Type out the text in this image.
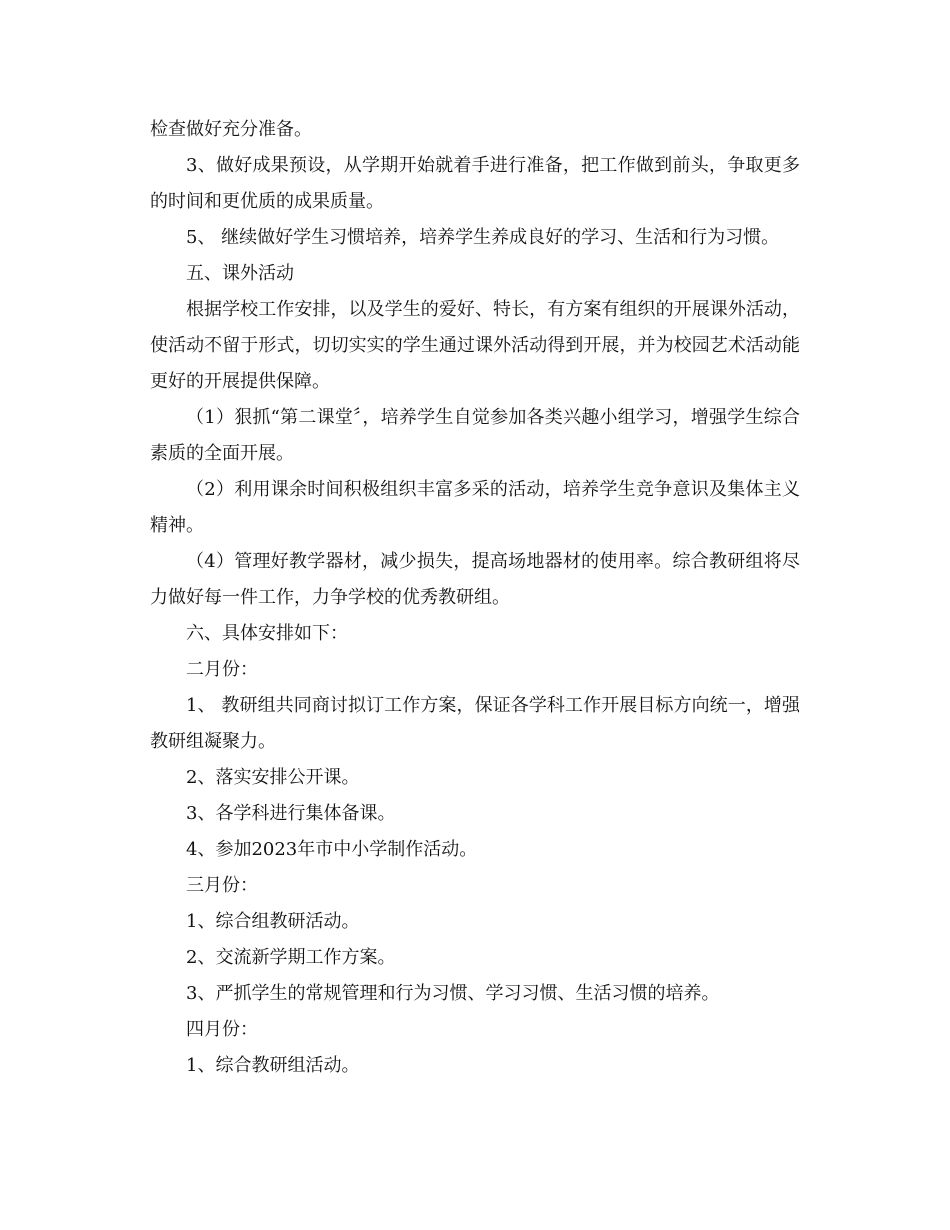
检查做好充分准备。

3、做好成果预设，从学期开始就着手进行准备，把工作做到前头，争取更多的时间和更优质的成果质量。

5、 继续做好学生习惯培养，培养学生养成良好的学习、生活和行为习惯。

五、课外活动

根据学校工作安排，以及学生的爱好、特长，有方案有组织的开展课外活动，使活动不留于形式，切切实实的学生通过课外活动得到开展，并为校园艺术活动能更好的开展提供保障。

（1）狠抓“第二课堂〞，培养学生自觉参加各类兴趣小组学习，增强学生综合素质的全面开展。

（2）利用课余时间积极组织丰富多采的活动，培养学生竞争意识及集体主义精神。

（4）管理好教学器材，减少损失，提高场地器材的使用率。综合教研组将尽力做好每一件工作，力争学校的优秀教研组。

六、具体安排如下：

二月份：

1、 教研组共同商讨拟订工作方案，保证各学科工作开展目标方向统一，增强教研组凝聚力。

2、落实安排公开课。

3、各学科进行集体备课。

4、参加2023年市中小学制作活动。

三月份：

1、综合组教研活动。

2、交流新学期工作方案。

3、严抓学生的常规管理和行为习惯、学习习惯、生活习惯的培养。

四月份：

1、综合教研组活动。
